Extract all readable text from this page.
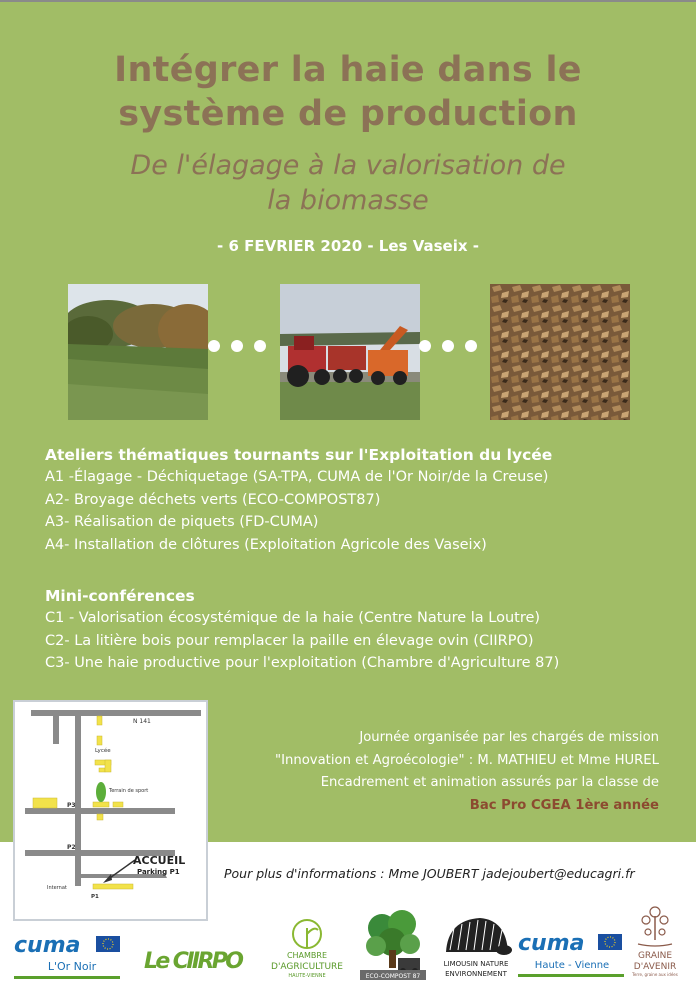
Intégrer la haie dans le
système de production

De l'élagage à la valorisation de
la biomasse

- 6 FEVRIER 2020 - Les Vaseix -
Ateliers thématiques tournants sur l'Exploitation du lycée
A1 -Élagage - Déchiquetage (SA-TPA, CUMA de l'Or Noir/de la Creuse)
A2- Broyage déchets verts (ECO-COMPOST87)
A3- Réalisation de piquets (FD-CUMA)
A4- Installation de clôtures (Exploitation Agricole des Vaseix)
Mini-conférences
C1 - Valorisation écosystémique de la haie (Centre Nature la Loutre)
C2- La litière bois pour remplacer la paille en élevage ovin (CIIRPO)
C3- Une haie productive pour l'exploitation (Chambre d'Agriculture 87)
N 141
Lycée
Terrain de sport
P3
P2
ACCUEIL
Parking P1
Internat
P1
Journée organisée par les chargés de mission
"Innovation et Agroécologie" : M. MATHIEU et Mme HUREL
Encadrement et animation assurés par la classe de
Bac Pro CGEA 1ère année
Pour plus d'informations : Mme JOUBERT jadejoubert@educagri.fr
cuma
L'Or Noir Le CIIRPO	CHAMBRE
D'AGRICULTURE
HAUTE-VIENNE	ECO-COMPOST 87
LIMOUSIN NATURE
ENVIRONNEMENT
cuma
Haute - Vienne
GRAINE
D'AVENIR
Terre, graine aux idées
